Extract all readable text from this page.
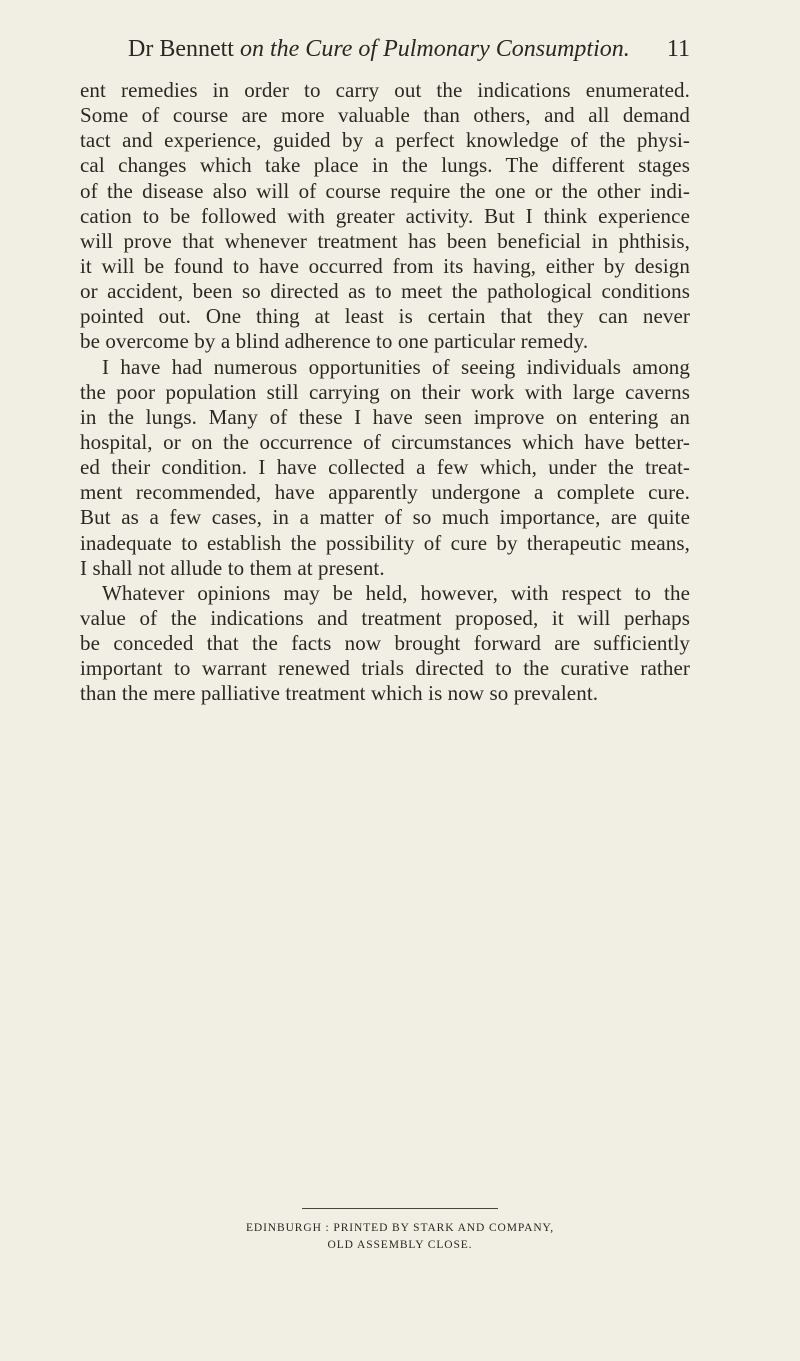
Dr Bennett on the Cure of Pulmonary Consumption. 11
ent remedies in order to carry out the indications enumerated.
Some of course are more valuable than others, and all demand
tact and experience, guided by a perfect knowledge of the physi-
cal changes which take place in the lungs. The different stages
of the disease also will of course require the one or the other indi-
cation to be followed with greater activity. But I think experience
will prove that whenever treatment has been beneficial in phthisis,
it will be found to have occurred from its having, either by design
or accident, been so directed as to meet the pathological conditions
pointed out. One thing at least is certain that they can never
be overcome by a blind adherence to one particular remedy.
I have had numerous opportunities of seeing individuals among
the poor population still carrying on their work with large caverns
in the lungs. Many of these I have seen improve on entering an
hospital, or on the occurrence of circumstances which have better-
ed their condition. I have collected a few which, under the treat-
ment recommended, have apparently undergone a complete cure.
But as a few cases, in a matter of so much importance, are quite
inadequate to establish the possibility of cure by therapeutic means,
I shall not allude to them at present.
Whatever opinions may be held, however, with respect to the
value of the indications and treatment proposed, it will perhaps
be conceded that the facts now brought forward are sufficiently
important to warrant renewed trials directed to the curative rather
than the mere palliative treatment which is now so prevalent.
EDINBURGH : PRINTED BY STARK AND COMPANY,
OLD ASSEMBLY CLOSE.
